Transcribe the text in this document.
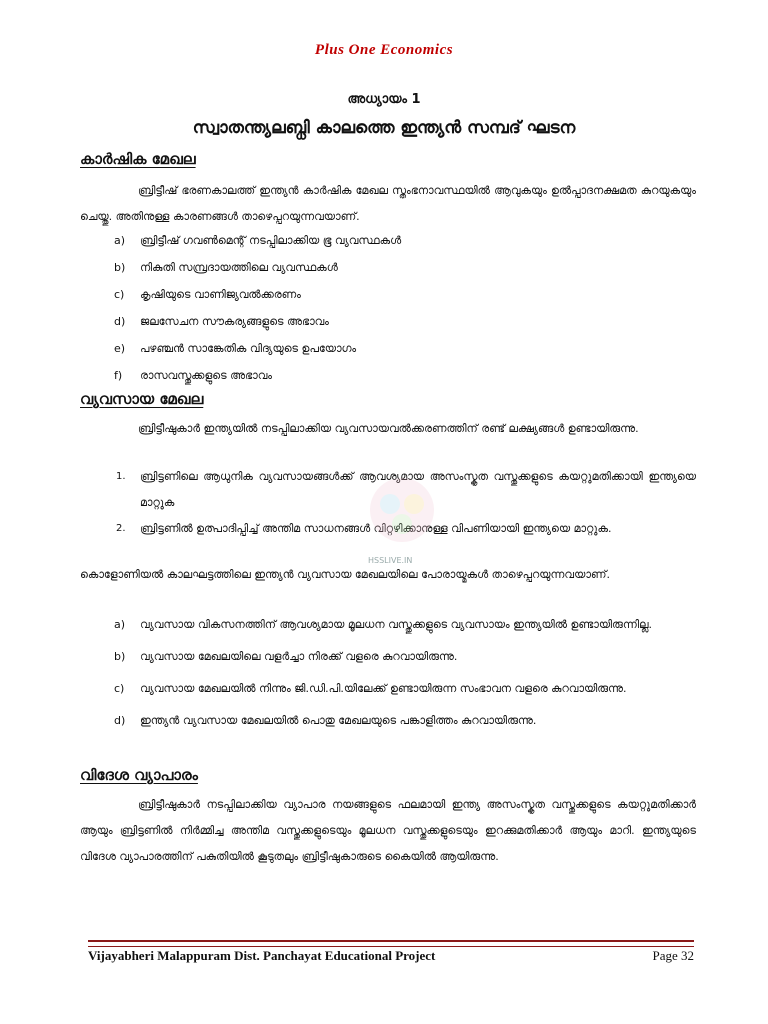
Plus One Economics
അധ്യായം 1
സ്വാതന്ത്യലബ്ധി കാലത്തെ ഇന്ത്യൻ സമ്പദ് ഘടന
കാർഷിക മേഖല

ബ്രിട്ടീഷ് ഭരണകാലത്ത് ഇന്ത്യൻ കാർഷിക മേഖല സ്തംഭനാവസ്ഥയിൽ ആവുകയും ഉൽപ്പാദനക്ഷമത കുറയുകയും ചെയ്തു. അതിനുള്ള കാരണങ്ങൾ താഴെപ്പറയുന്നവയാണ്.

a) ബ്രിട്ടീഷ് ഗവൺമെന്റ് നടപ്പിലാക്കിയ ഭൂ വ്യവസ്ഥകൾ
b) നികുതി സമ്പ്രദായത്തിലെ വ്യവസ്ഥകൾ
c) കൃഷിയുടെ വാണിജ്യവൽക്കരണം
d) ജലസേചന സൗകര്യങ്ങളുടെ അഭാവം
e) പഴഞ്ചൻ സാങ്കേതിക വിദ്യയുടെ ഉപയോഗം
f) രാസവസ്തുക്കളുടെ അഭാവം
വ്യവസായ മേഖല

ബ്രിട്ടീഷുകാർ ഇന്ത്യയിൽ നടപ്പിലാക്കിയ വ്യവസായവൽക്കരണത്തിന് രണ്ട് ലക്ഷ്യങ്ങൾ ഉണ്ടായിരുന്നു.

1. ബ്രിട്ടണിലെ ആധുനിക വ്യവസായങ്ങൾക്ക് ആവശ്യമായ അസംസ്കൃത വസ്തുക്കളുടെ കയറ്റുമതിക്കായി ഇന്ത്യയെ മാറ്റുക
2. ബ്രിട്ടണിൽ ഉത്പാദിപ്പിച്ച് അന്തിമ സാധനങ്ങൾ വിറ്റഴിക്കാനുള്ള വിപണിയായി ഇന്ത്യയെ മാറ്റുക.

കൊളോണിയൽ കാലഘട്ടത്തിലെ ഇന്ത്യൻ വ്യവസായ മേഖലയിലെ പോരായ്മകൾ താഴെപ്പറയുന്നവയാണ്.

a) വ്യവസായ വികസനത്തിന് ആവശ്യമായ മൂലധന വസ്തുക്കളുടെ വ്യവസായം ഇന്ത്യയിൽ ഉണ്ടായിരുന്നില്ല.
b) വ്യവസായ മേഖലയിലെ വളർച്ചാ നിരക്ക് വളരെ കുറവായിരുന്നു.
c) വ്യവസായ മേഖലയിൽ നിന്നും ജി.ഡി.പി.യിലേക്ക് ഉണ്ടായിരുന്ന സംഭാവന വളരെ കുറവായിരുന്നു.
d) ഇന്ത്യൻ വ്യവസായ മേഖലയിൽ പൊതു മേഖലയുടെ പങ്കാളിത്തം കുറവായിരുന്നു.
വിദേശ വ്യാപാരം

ബ്രിട്ടീഷുകാർ നടപ്പിലാക്കിയ വ്യാപാര നയങ്ങളുടെ ഫലമായി ഇന്ത്യ അസംസ്കൃത വസ്തുക്കളുടെ കയറ്റുമതിക്കാർ ആയും ബ്രിട്ടണിൽ നിർമ്മിച്ച അന്തിമ വസ്തുക്കളുടെയും മൂലധന വസ്തുക്കളുടെയും ഇറക്കുമതിക്കാർ ആയും മാറി. ഇന്ത്യയുടെ വിദേശ വ്യാപാരത്തിന് പകുതിയിൽ കൂടുതലും ബ്രിട്ടീഷുകാരുടെ കൈയിൽ ആയിരുന്നു.

HSSLIVE.IN
Vijayabheri Malappuram Dist. Panchayat Educational Project	Page 32
